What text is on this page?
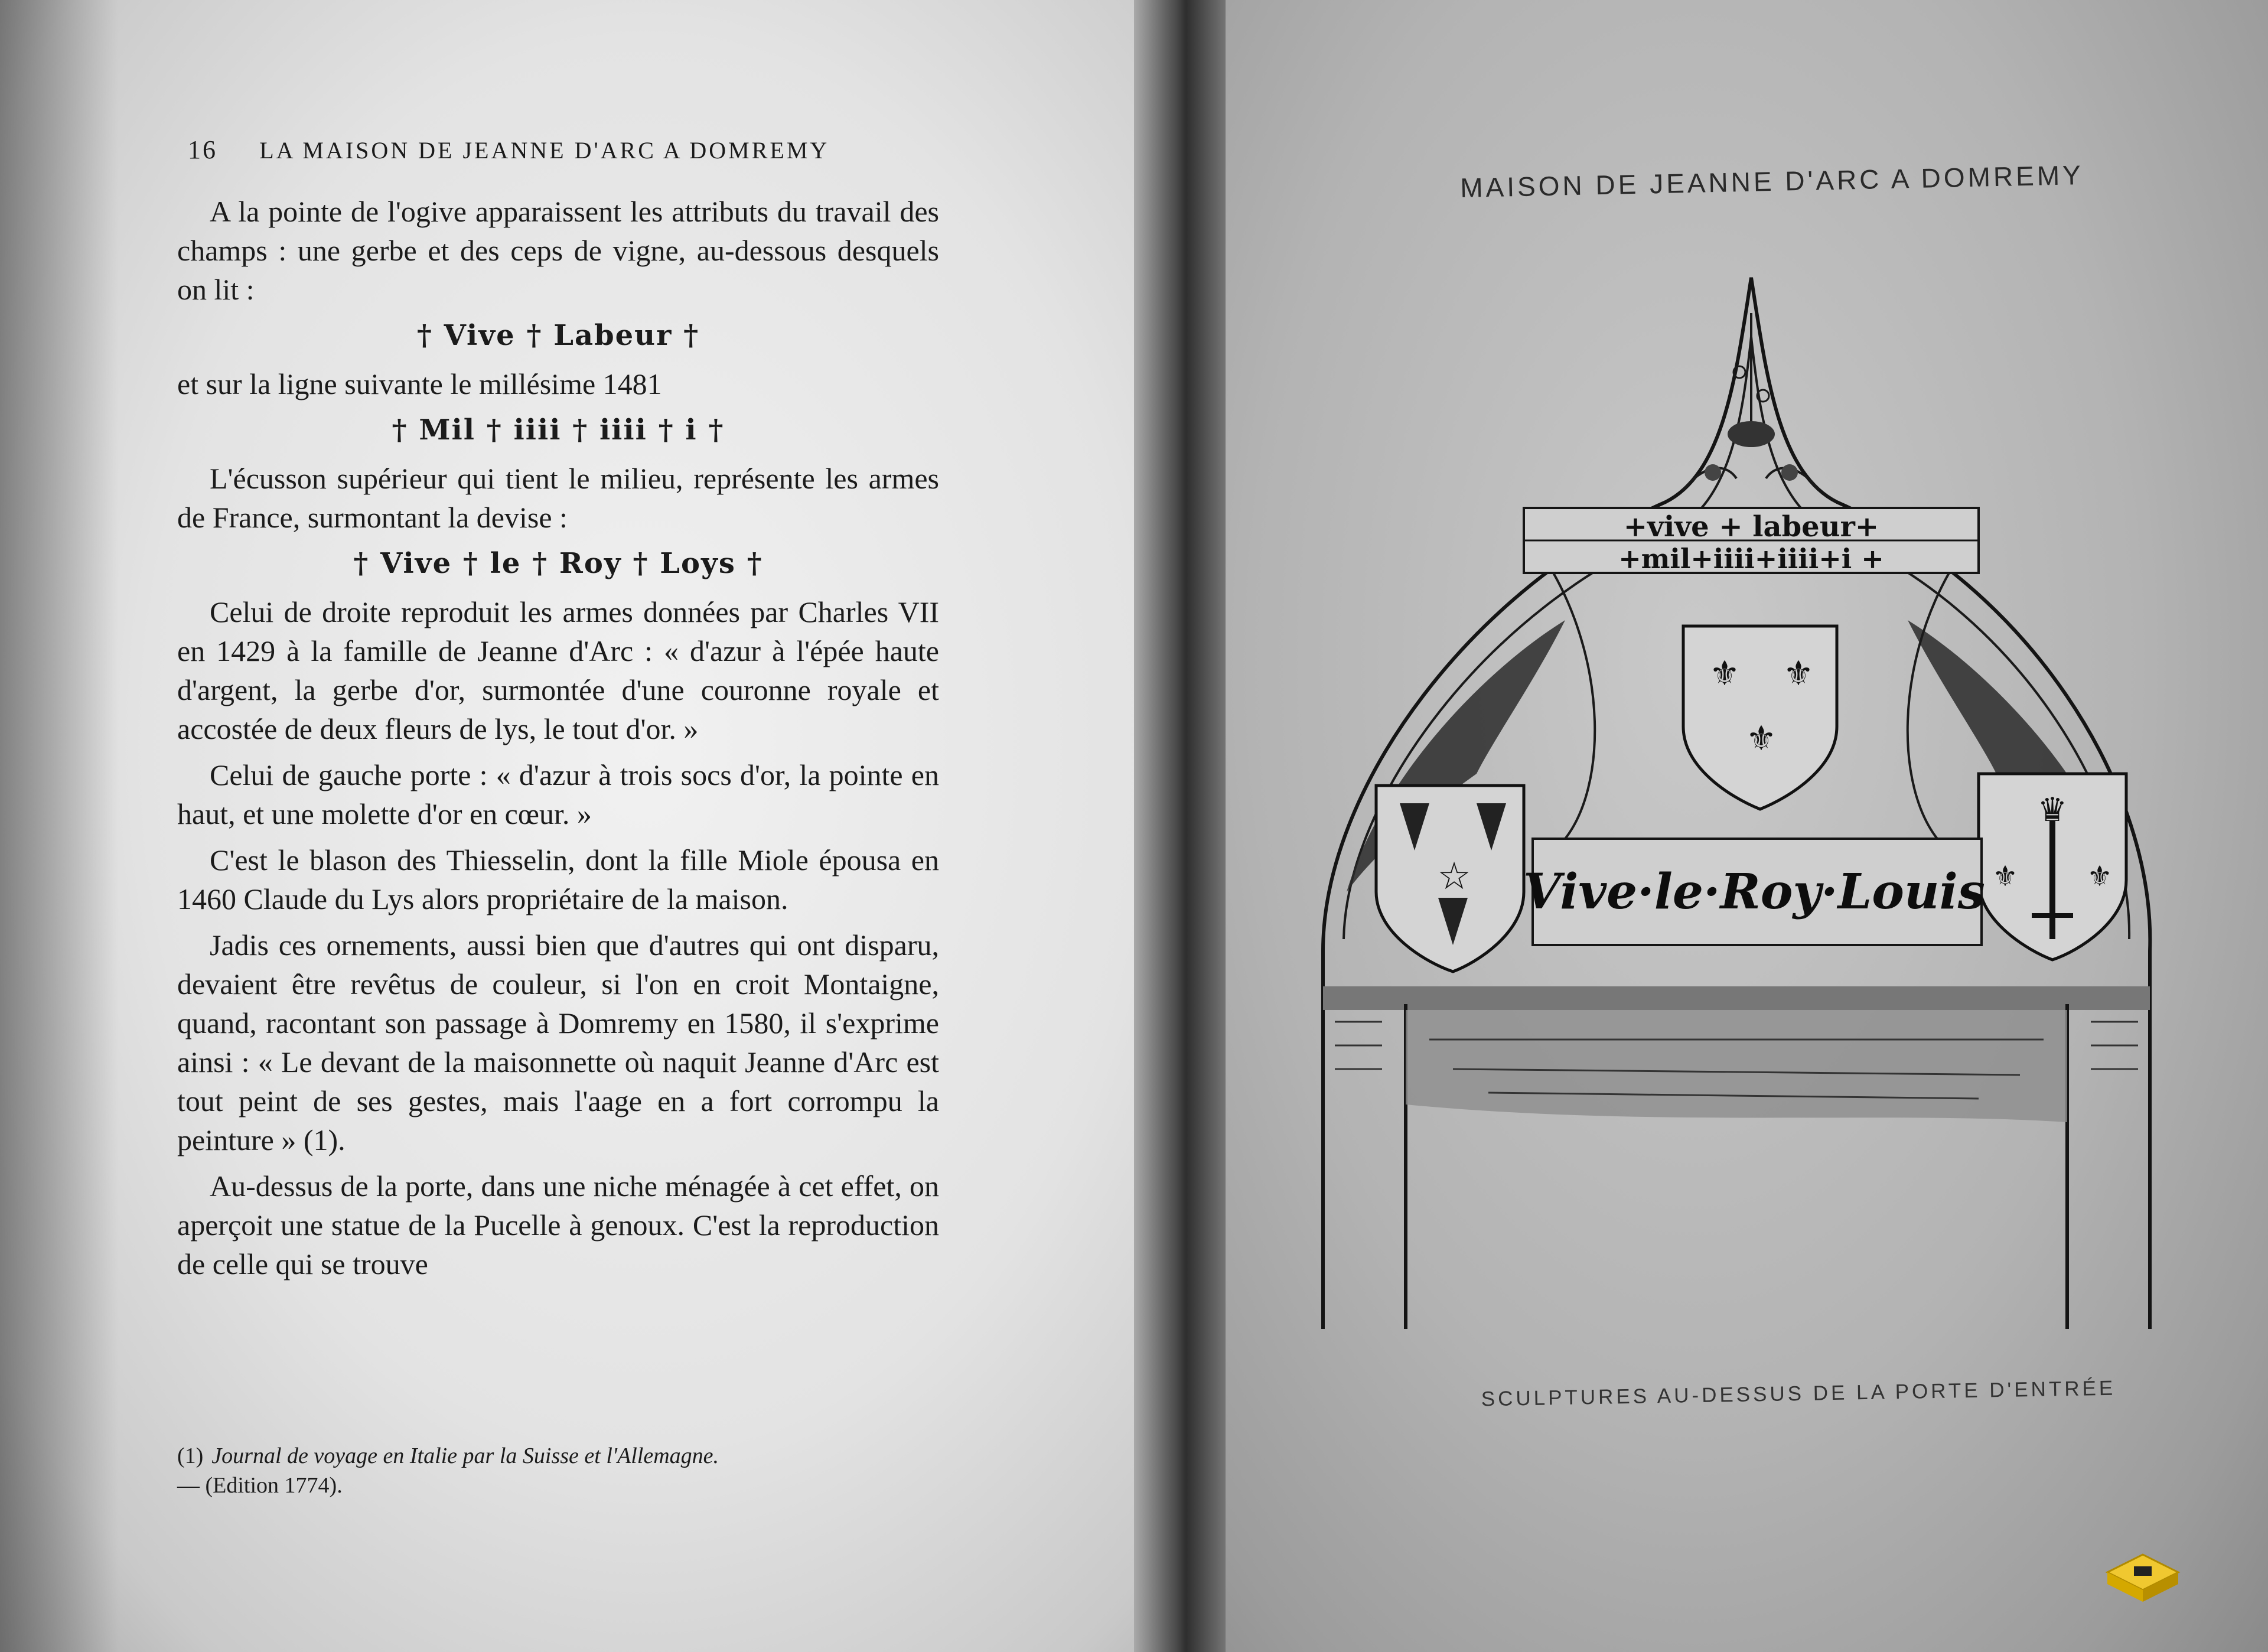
16 LA MAISON DE JEANNE D'ARC A DOMREMY

A la pointe de l'ogive apparaissent les attributs du travail des champs : une gerbe et des ceps de vigne, au-dessous desquels on lit :

† Vive † Labeur †

et sur la ligne suivante le millésime 1481

† Mil † iiii † iiii † i †

L'écusson supérieur qui tient le milieu, représente les armes de France, surmontant la devise :

† Vive † le † Roy † Loys †

Celui de droite reproduit les armes données par Charles VII en 1429 à la famille de Jeanne d'Arc : « d'azur à l'épée haute d'argent, la gerbe d'or, surmontée d'une couronne royale et accostée de deux fleurs de lys, le tout d'or. »

Celui de gauche porte : « d'azur à trois socs d'or, la pointe en haut, et une molette d'or en cœur. »

C'est le blason des Thiesselin, dont la fille Miole épousa en 1460 Claude du Lys alors propriétaire de la maison.

Jadis ces ornements, aussi bien que d'autres qui ont disparu, devaient être revêtus de couleur, si l'on en croit Montaigne, quand, racontant son passage à Domremy en 1580, il s'exprime ainsi : « Le devant de la maisonnette où naquit Jeanne d'Arc est tout peint de ses gestes, mais l'aage en a fort corrompu la peinture » (1).

Au-dessus de la porte, dans une niche ménagée à cet effet, on aperçoit une statue de la Pucelle à genoux. C'est la reproduction de celle qui se trouve

(1) Journal de voyage en Italie par la Suisse et l'Allemagne.
— (Edition 1774).
MAISON DE JEANNE D'ARC A DOMREMY
+vive + labeur+
+mil+iiii+iiii+i +
⚜ ⚜
⚜
☆
♛
⚜ ⚜
Vive·le·Roy·Louis
SCULPTURES AU-DESSUS DE LA PORTE D'ENTRÉE
